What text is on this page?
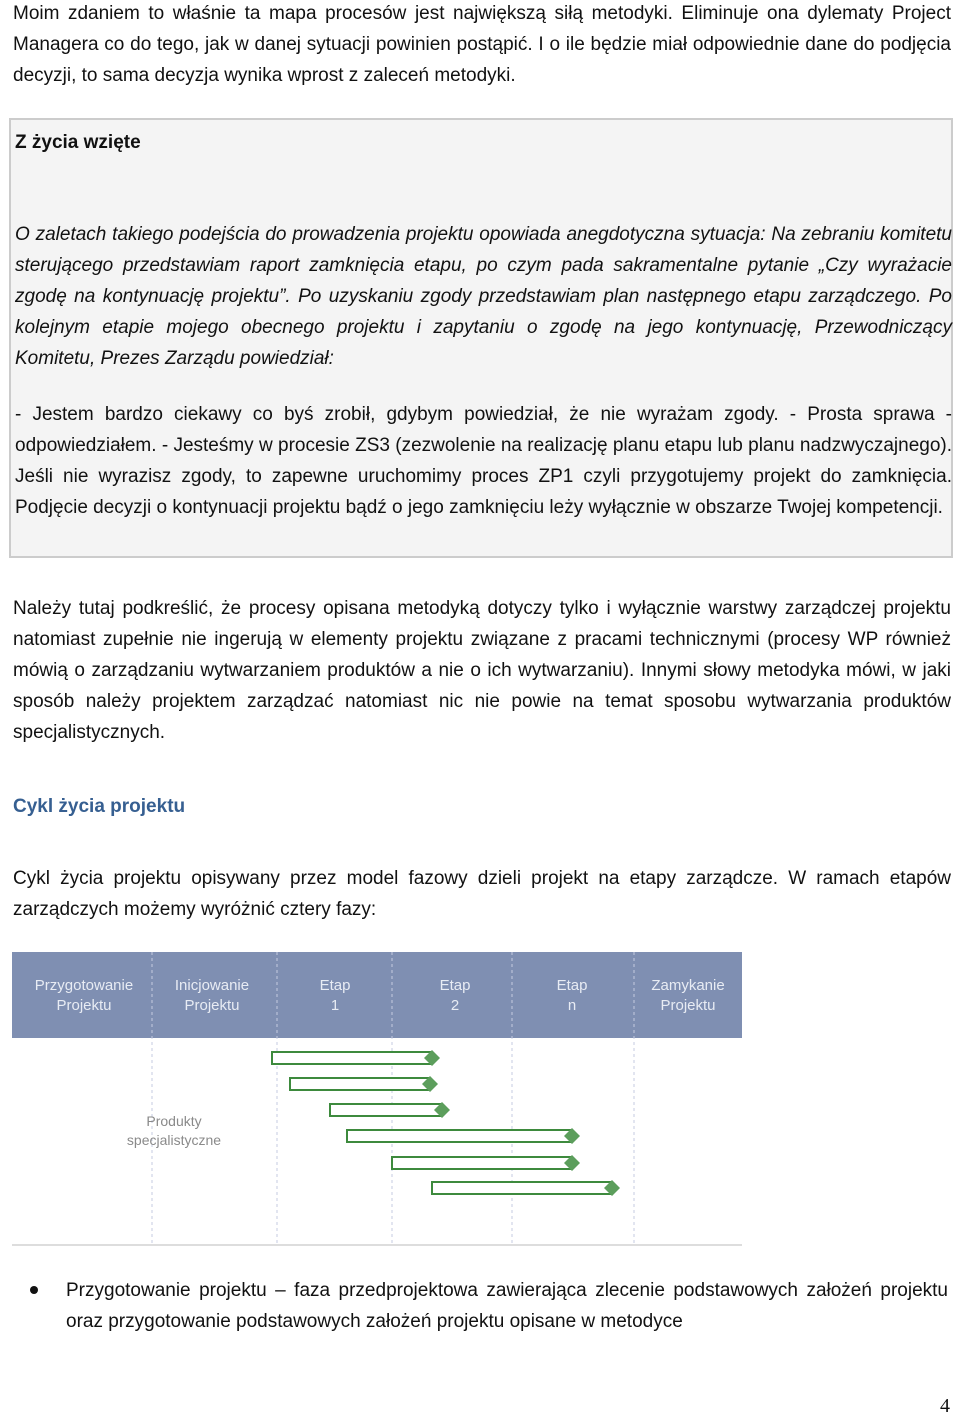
Moim zdaniem to właśnie ta mapa procesów jest największą siłą metodyki. Eliminuje ona dylematy Project Managera co do tego, jak w danej sytuacji powinien postąpić. I o ile będzie miał odpowiednie dane do podjęcia decyzji, to sama decyzja wynika wprost z zaleceń metodyki.

Z życia wzięte

O zaletach takiego podejścia do prowadzenia projektu opowiada anegdotyczna sytuacja: Na zebraniu komitetu sterującego przedstawiam raport zamknięcia etapu, po czym pada sakramentalne pytanie „Czy wyrażacie zgodę na kontynuację projektu”. Po uzyskaniu zgody przedstawiam plan następnego etapu zarządczego. Po kolejnym etapie mojego obecnego projektu i zapytaniu o zgodę na jego kontynuację, Przewodniczący Komitetu, Prezes Zarządu powiedział:

- Jestem bardzo ciekawy co byś zrobił, gdybym powiedział, że nie wyrażam zgody. - Prosta sprawa - odpowiedziałem. - Jesteśmy w procesie ZS3 (zezwolenie na realizację planu etapu lub planu nadzwyczajnego). Jeśli nie wyrazisz zgody, to zapewne uruchomimy proces ZP1 czyli przygotujemy projekt do zamknięcia. Podjęcie decyzji o kontynuacji projektu bądź o jego zamknięciu leży wyłącznie w obszarze Twojej kompetencji.

Należy tutaj podkreślić, że procesy opisana metodyką dotyczy tylko i wyłącznie warstwy zarządczej projektu natomiast zupełnie nie ingerują w elementy projektu związane z pracami technicznymi (procesy WP również mówią o zarządzaniu wytwarzaniem produktów a nie o ich wytwarzaniu). Innymi słowy metodyka mówi, w jaki sposób należy projektem zarządzać natomiast nic nie powie na temat sposobu wytwarzania produktów specjalistycznych.

Cykl życia projektu

Cykl życia projektu opisywany przez model fazowy dzieli projekt na etapy zarządcze. W ramach etapów zarządczych możemy wyróżnić cztery fazy:

Przygotowanie
Projektu
Inicjowanie
Projektu
Etap
1
Etap
2
Etap
n
Zamykanie
Projektu
Produkty
specjalistyczne

Przygotowanie projektu – faza przedprojektowa zawierająca zlecenie podstawowych założeń projektu oraz przygotowanie podstawowych założeń projektu opisane w metodyce

4
